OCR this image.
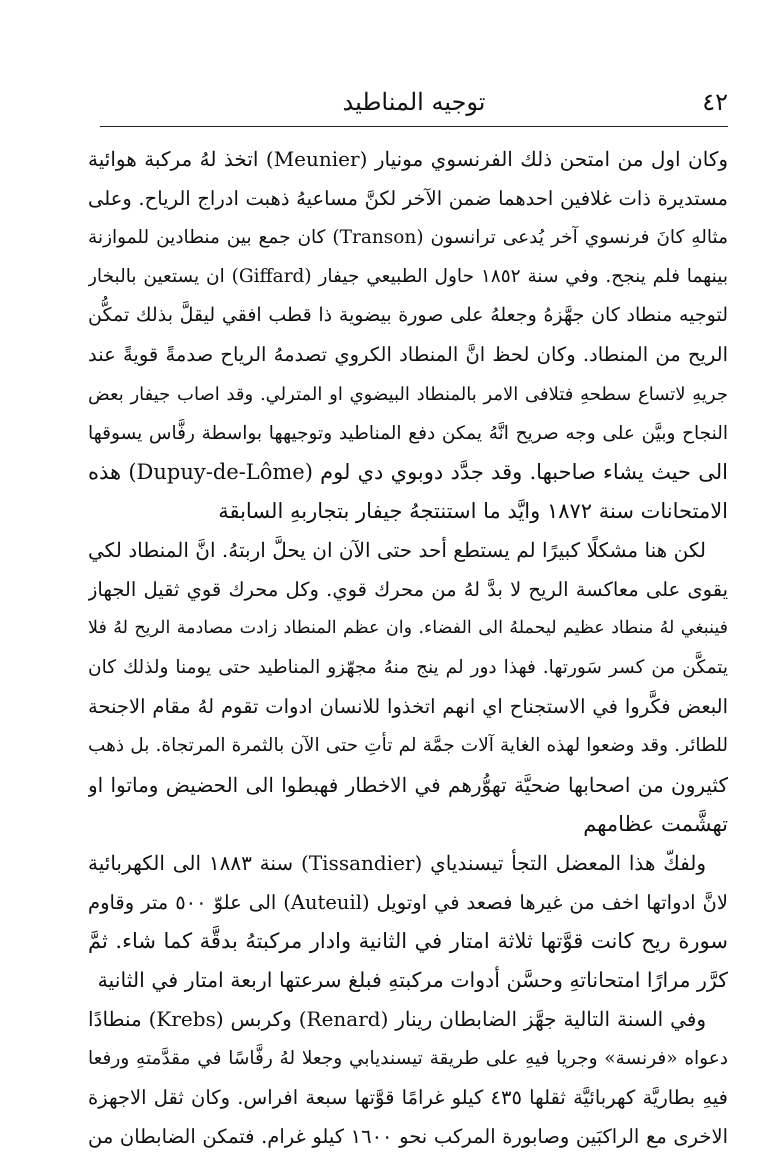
٤٢
توجيه المناطيد
وكان اول من امتحن ذلك الفرنسوي مونيار (Meunier) اتخذ لهُ مركبة هوائية
مستديرة ذات غلافين احدهما ضمن الآخر لكنَّ مساعيهُ ذهبت ادراج الرياح. وعلى
مثالهِ كانَ فرنسوي آخر يُدعى ترانسون (Transon) كان جمع بين منطادين للموازنة
بينهما فلم ينجح. وفي سنة ١٨٥٢ حاول الطبيعي جيفار (Giffard) ان يستعين بالبخار
لتوجيه منطاد كان جهَّزهُ وجعلهُ على صورة بيضوية ذا قطب افقي ليقلَّ بذلك تمكُّن
الريح من المنطاد. وكان لحظ انَّ المنطاد الكروي تصدمهُ الرياح صدمةً قويةً عند
جريهِ لاتساع سطحهِ فتلافى الامر بالمنطاد البيضوي او المترلي. وقد اصاب جيفار بعض
النجاح وبيَّن على وجه صريح انَّهُ يمكن دفع المناطيد وتوجيهها بواسطة رفَّاس يسوقها
الى حيث يشاء صاحبها. وقد جدَّد دوبوي دي لوم (Dupuy-de-Lôme) هذه
الامتحانات سنة ١٨٧٢ وايَّد ما استنتجهُ جيفار بتجاربهِ السابقة
لكن هنا مشكلًا كبيرًا لم يستطع أحد حتى الآن ان يحلَّ اربتهُ. انَّ المنطاد لكي
يقوى على معاكسة الريح لا بدَّ لهُ من محرك قوي. وكل محرك قوي ثقيل الجهاز
فينبغي لهُ منطاد عظيم ليحملهُ الى الفضاء. وان عظم المنطاد زادت مصادمة الريح لهُ فلا
يتمكَّن من كسر سَورتها. فهذا دور لم ينج منهُ مجهّزو المناطيد حتى يومنا ولذلك كان
البعض فكَّروا في الاستجناح اي انهم اتخذوا للانسان ادوات تقوم لهُ مقام الاجنحة
للطائر. وقد وضعوا لهذه الغاية آلات جمَّة لم تأتِ حتى الآن بالثمرة المرتجاة. بل ذهب
كثيرون من اصحابها ضحيَّة تهوُّرهم في الاخطار فهبطوا الى الحضيض وماتوا او
تهشَّمت عظامهم
ولفكّ هذا المعضل التجأ تيسندياي (Tissandier) سنة ١٨٨٣ الى الكهربائية
لانَّ ادواتها اخف من غيرها فصعد في اوتويل (Auteuil) الى علوّ ٥٠٠ متر وقاوم
سورة ريح كانت قوَّتها ثلاثة امتار في الثانية وادار مركبتهُ بدقَّة كما شاء. ثمَّ
كرَّر مرارًا امتحاناتهِ وحسَّن أدوات مركبتهِ فبلغ سرعتها اربعة امتار في الثانية
وفي السنة التالية جهَّز الضابطان رينار (Renard) وكربس (Krebs) منطادًا
دعواه «فرنسة» وجريا فيهِ على طريقة تيسنديابي وجعلا لهُ رفَّاسًا في مقدَّمتهِ ورفعا
فيهِ بطاريَّة كهربائيَّة ثقلها ٤٣٥ كيلو غرامًا قوَّتها سبعة افراس. وكان ثقل الاجهزة
الاخرى مع الراكبَين وصابورة المركب نحو ١٦٠٠ كيلو غرام. فتمكن الضابطان من
